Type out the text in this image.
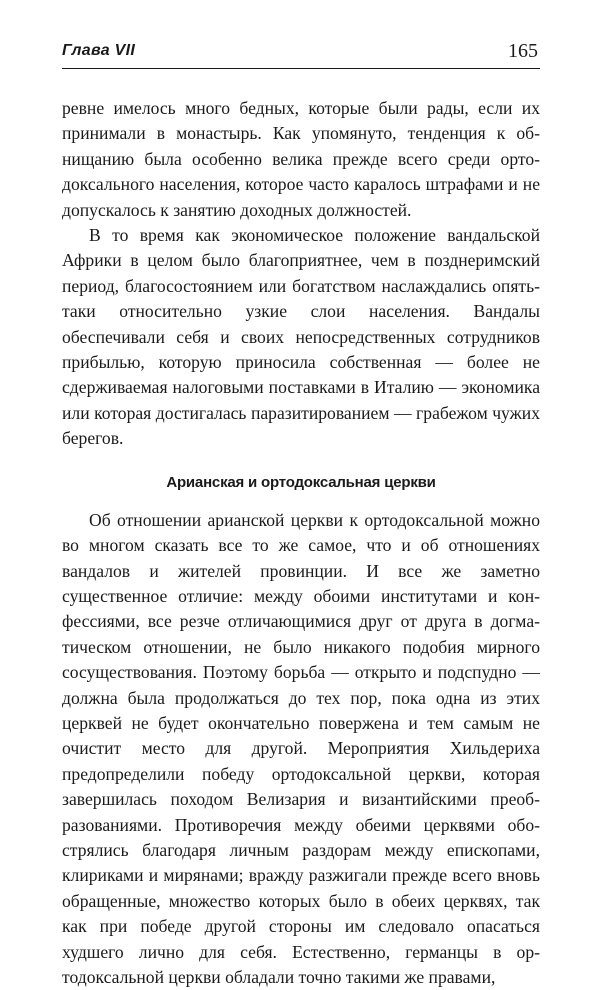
Глава VII	165

ревне имелось много бедных, которые были рады, если их принимали в монастырь. Как упомянуто, тенденция к обнищанию была особенно велика прежде всего среди ортодоксального населения, которое часто каралось штрафами и не допускалось к занятию доходных должностей.

В то время как экономическое положение вандальской Африки в целом было благоприятнее, чем в позднеримский период, благосостоянием или богатством наслаждались опять-таки относительно узкие слои населения. Вандалы обеспечивали себя и своих непосредственных сотрудников прибылью, которую приносила собственная — более не сдерживаемая налоговыми поставками в Италию — экономика или которая достигалась паразитированием — грабежом чужих берегов.

Арианская и ортодоксальная церкви

Об отношении арианской церкви к ортодоксальной можно во многом сказать все то же самое, что и об отношениях вандалов и жителей провинции. И все же заметно существенное отличие: между обоими институтами и конфессиями, все резче отличающимися друг от друга в догматическом отношении, не было никакого подобия мирного сосуществования. Поэтому борьба — открыто и подспудно — должна была продолжаться до тех пор, пока одна из этих церквей не будет окончательно повержена и тем самым не очистит место для другой. Мероприятия Хильдериха предопределили победу ортодоксальной церкви, которая завершилась походом Велизария и византийскими преобразованиями. Противоречия между обеими церквями обострялись благодаря личным раздорам между епископами, клириками и мирянами; вражду разжигали прежде всего вновь обращенные, множество которых было в обеих церквях, так как при победе другой стороны им следовало опасаться худшего лично для себя. Естественно, германцы в ортодоксальной церкви обладали точно такими же правами,
